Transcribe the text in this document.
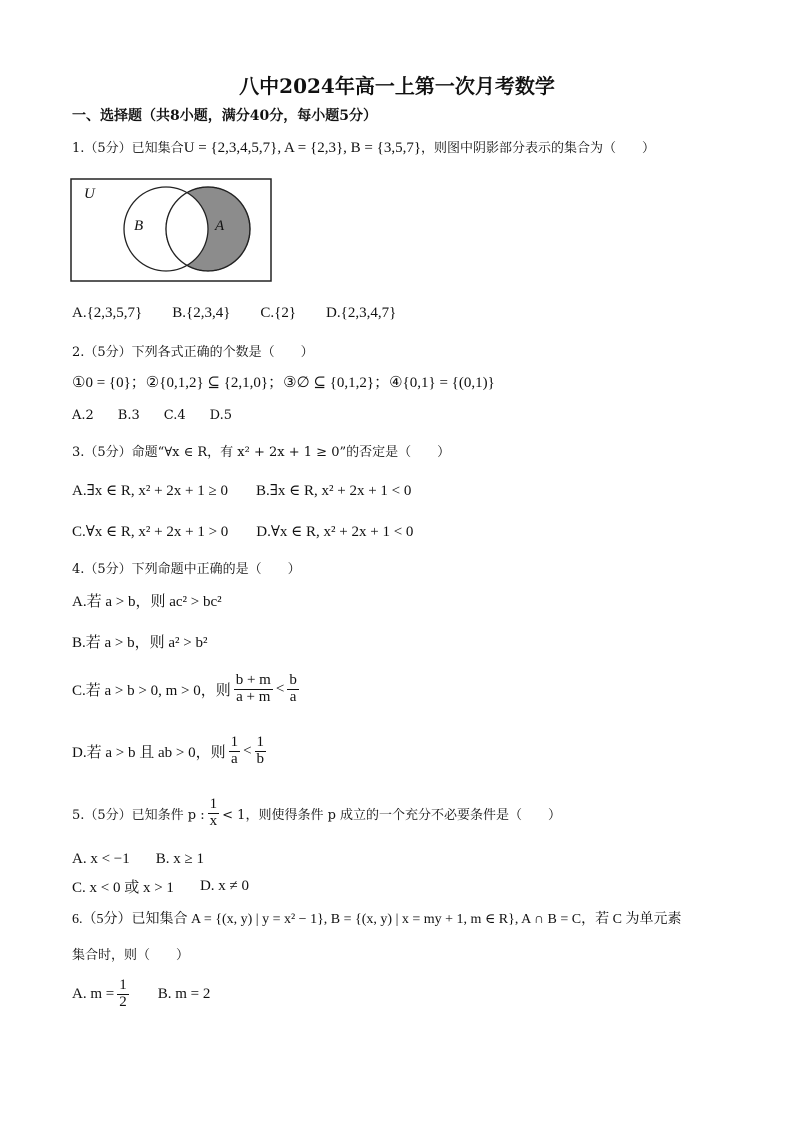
八中2024年高一上第一次月考数学
一、选择题（共8小题，满分40分，每小题5分）
1.（5分）已知集合U = {2,3,4,5,7}, A = {2,3}, B = {3,5,7}，则图中阴影部分表示的集合为（　　）
U
B	A
A.{2,3,5,7} B.{2,3,4} C.{2} D.{2,3,4,7}
2.（5分）下列各式正确的个数是（　　）
①0 = {0}；②{0,1,2} ⊆ {2,1,0}；③∅ ⊆ {0,1,2}；④{0,1} = {(0,1)}
A.2 B.3 C.4 D.5
3.（5分）命题“∀x ∈ R，有 x² + 2x + 1 ≥ 0”的否定是（　　）
A.∃x ∈ R, x² + 2x + 1 ≥ 0 B.∃x ∈ R, x² + 2x + 1 < 0
C.∀x ∈ R, x² + 2x + 1 > 0 D.∀x ∈ R, x² + 2x + 1 < 0
4.（5分）下列命题中正确的是（　　）
A.若 a > b，则 ac² > bc²
B.若 a > b，则 a² > b²
C.若 a > b > 0, m > 0，则 $\frac{b + m}{a + m} < \frac{b}{a}$
D.若 a > b 且 ab > 0，则 $\frac{1}{a} < \frac{1}{b}$
5.（5分）已知条件 p : $\frac{1}{x} < 1$，则使得条件 p 成立的一个充分不必要条件是（　　）
A. x < −1 B. x ≥ 1
C. x < 0 或 x > 1 D. x ≠ 0
6.（5分）已知集合 A = {(x, y) | y = x² − 1}, B = {(x, y) | x = my + 1, m ∈ R}, A ∩ B = C，若 C 为单元素
集合时，则（　　）
A. $m = \frac{1}{2} B$. m = 2
